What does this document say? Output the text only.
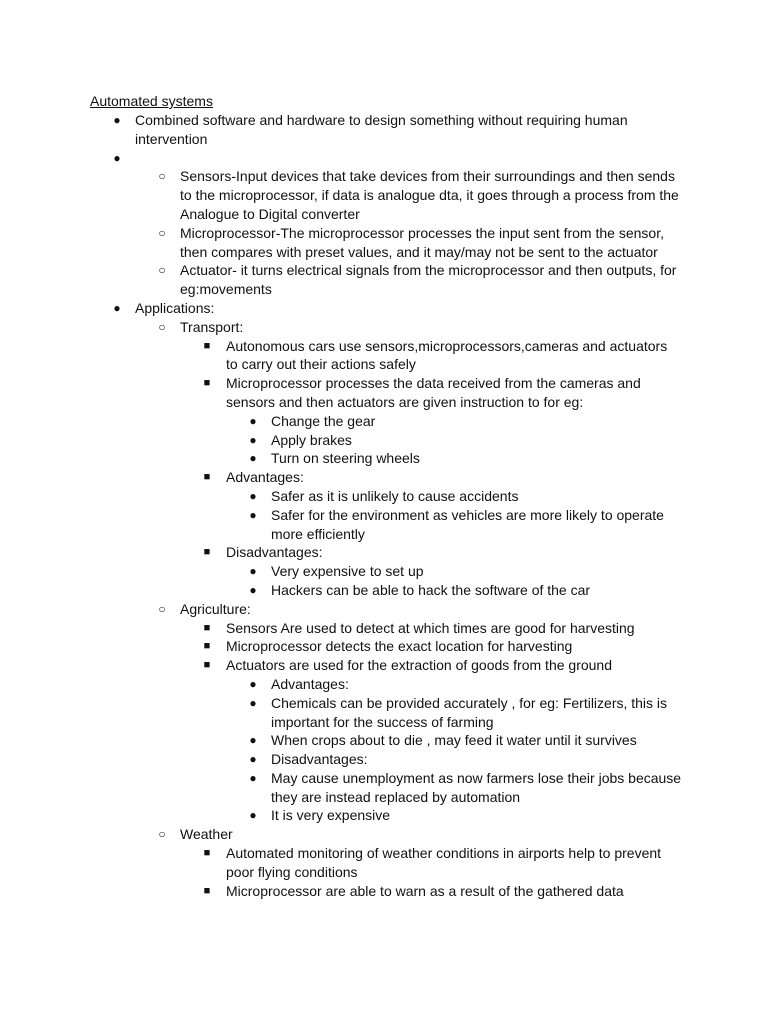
Automated systems
● Combined software and hardware to design something without requiring human intervention
●

○ Sensors-Input devices that take devices from their surroundings and then sends to the microprocessor, if data is analogue dta, it goes through a process from the Analogue to Digital converter
○ Microprocessor-The microprocessor processes the input sent from the sensor, then compares with preset values, and it may/may not be sent to the actuator
○ Actuator- it turns electrical signals from the microprocessor and then outputs, for eg:movements
● Applications:
○ Transport:
■ Autonomous cars use sensors,microprocessors,cameras and actuators to carry out their actions safely
■ Microprocessor processes the data received from the cameras and sensors and then actuators are given instruction to for eg:
● Change the gear
● Apply brakes
● Turn on steering wheels
■ Advantages:
● Safer as it is unlikely to cause accidents
● Safer for the environment as vehicles are more likely to operate more efficiently
■ Disadvantages:
● Very expensive to set up
● Hackers can be able to hack the software of the car
○ Agriculture:
■ Sensors Are used to detect at which times are good for harvesting
■ Microprocessor detects the exact location for harvesting
■ Actuators are used for the extraction of goods from the ground
● Advantages:
● Chemicals can be provided accurately , for eg: Fertilizers, this is important for the success of farming
● When crops about to die , may feed it water until it survives
● Disadvantages:
● May cause unemployment as now farmers lose their jobs because they are instead replaced by automation
● It is very expensive
○ Weather
■ Automated monitoring of weather conditions in airports help to prevent poor flying conditions
■ Microprocessor are able to warn as a result of the gathered data
